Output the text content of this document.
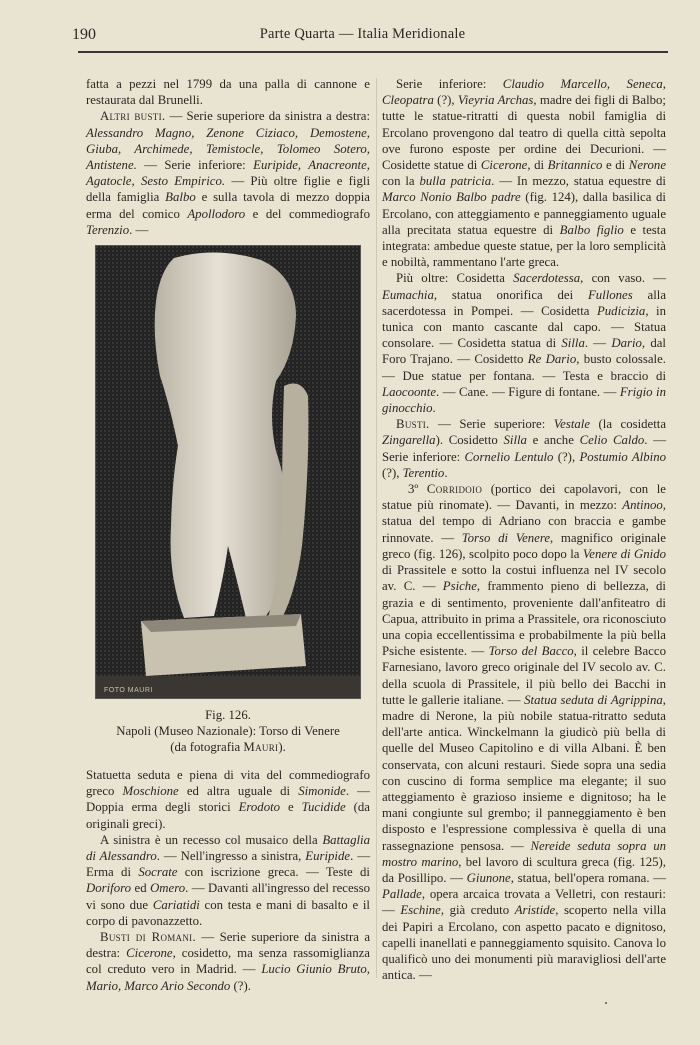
190	Parte Quarta — Italia Meridionale

fatta a pezzi nel 1799 da una palla di cannone e restaurata dal Brunelli.

Altri busti. — Serie superiore da sinistra a destra: Alessandro Magno, Zenone Ciziaco, Demostene, Giuba, Archimede, Temistocle, Tolomeo Sotero, Antistene. — Serie inferiore: Euripide, Anacreonte, Agatocle, Sesto Empirico. — Più oltre figlie e figli della famiglia Balbo e sulla tavola di mezzo doppia erma del comico Apollodoro e del commediografo Terenzio. —

FOTO MAURI
Fig. 126.
Napoli (Museo Nazionale): Torso di Venere
(da fotografia Mauri).

Statuetta seduta e piena di vita del commediografo greco Moschione ed altra uguale di Simonide. — Doppia erma degli storici Erodoto e Tucidide (da originali greci).

A sinistra è un recesso col musaico della Battaglia di Alessandro. — Nell'ingresso a sinistra, Euripide. — Erma di Socrate con iscrizione greca. — Teste di Doriforo ed Omero. — Davanti all'ingresso del recesso vi sono due Cariatidi con testa e mani di basalto e il corpo di pavonazzetto.

Busti di Romani. — Serie superiore da sinistra a destra: Cicerone, cosidetto, ma senza rassomiglianza col creduto vero in Madrid. — Lucio Giunio Bruto, Mario, Marco Ario Secondo (?).

Serie inferiore: Claudio Marcello, Seneca, Cleopatra (?), Vieyria Archas, madre dei figli di Balbo; tutte le statue-ritratti di questa nobil famiglia di Ercolano provengono dal teatro di quella città sepolta ove furono esposte per ordine dei Decurioni. — Cosidette statue di Cicerone, di Britannico e di Nerone con la bulla patricia. — In mezzo, statua equestre di Marco Nonio Balbo padre (fig. 124), dalla basilica di Ercolano, con atteggiamento e panneggiamento uguale alla precitata statua equestre di Balbo figlio e testa integrata: ambedue queste statue, per la loro semplicità e nobiltà, rammentano l'arte greca.

Più oltre: Cosidetta Sacerdotessa, con vaso. — Eumachia, statua onorifica dei Fullones alla sacerdotessa in Pompei. — Cosidetta Pudicizia, in tunica con manto cascante dal capo. — Statua consolare. — Cosidetta statua di Silla. — Dario, dal Foro Trajano. — Cosidetto Re Dario, busto colossale. — Due statue per fontana. — Testa e braccio di Laocoonte. — Cane. — Figure di fontane. — Frigio in ginocchio.

Busti. — Serie superiore: Vestale (la cosidetta Zingarella). Cosidetto Silla e anche Celio Caldo. — Serie inferiore: Cornelio Lentulo (?), Postumio Albino (?), Terentio.

3º Corridoio (portico dei capolavori, con le statue più rinomate). — Davanti, in mezzo: Antinoo, statua del tempo di Adriano con braccia e gambe rinnovate. — Torso di Venere, magnifico originale greco (fig. 126), scolpito poco dopo la Venere di Gnido di Prassitele e sotto la costui influenza nel IV secolo av. C. — Psiche, frammento pieno di bellezza, di grazia e di sentimento, proveniente dall'anfiteatro di Capua, attribuito in prima a Prassitele, ora riconosciuto una copia eccellentissima e probabilmente la più bella Psiche esistente. — Torso del Bacco, il celebre Bacco Farnesiano, lavoro greco originale del IV secolo av. C. della scuola di Prassitele, il più bello dei Bacchi in tutte le gallerie italiane. — Statua seduta di Agrippina, madre di Nerone, la più nobile statua-ritratto seduta dell'arte antica. Winckelmann la giudicò più bella di quelle del Museo Capitolino e di villa Albani. È ben conservata, con alcuni restauri. Siede sopra una sedia con cuscino di forma semplice ma elegante; il suo atteggiamento è grazioso insieme e dignitoso; ha le mani congiunte sul grembo; il panneggiamento è ben disposto e l'espressione complessiva è quella di una rassegnazione pensosa. — Nereide seduta sopra un mostro marino, bel lavoro di scultura greca (fig. 125), da Posillipo. — Giunone, statua, bell'opera romana. — Pallade, opera arcaica trovata a Velletri, con restauri: — Eschine, già creduto Aristide, scoperto nella villa dei Papiri a Ercolano, con aspetto pacato e dignitoso, capelli inanellati e panneggiamento squisito. Canova lo qualificò uno dei monumenti più maravigliosi dell'arte antica. —
